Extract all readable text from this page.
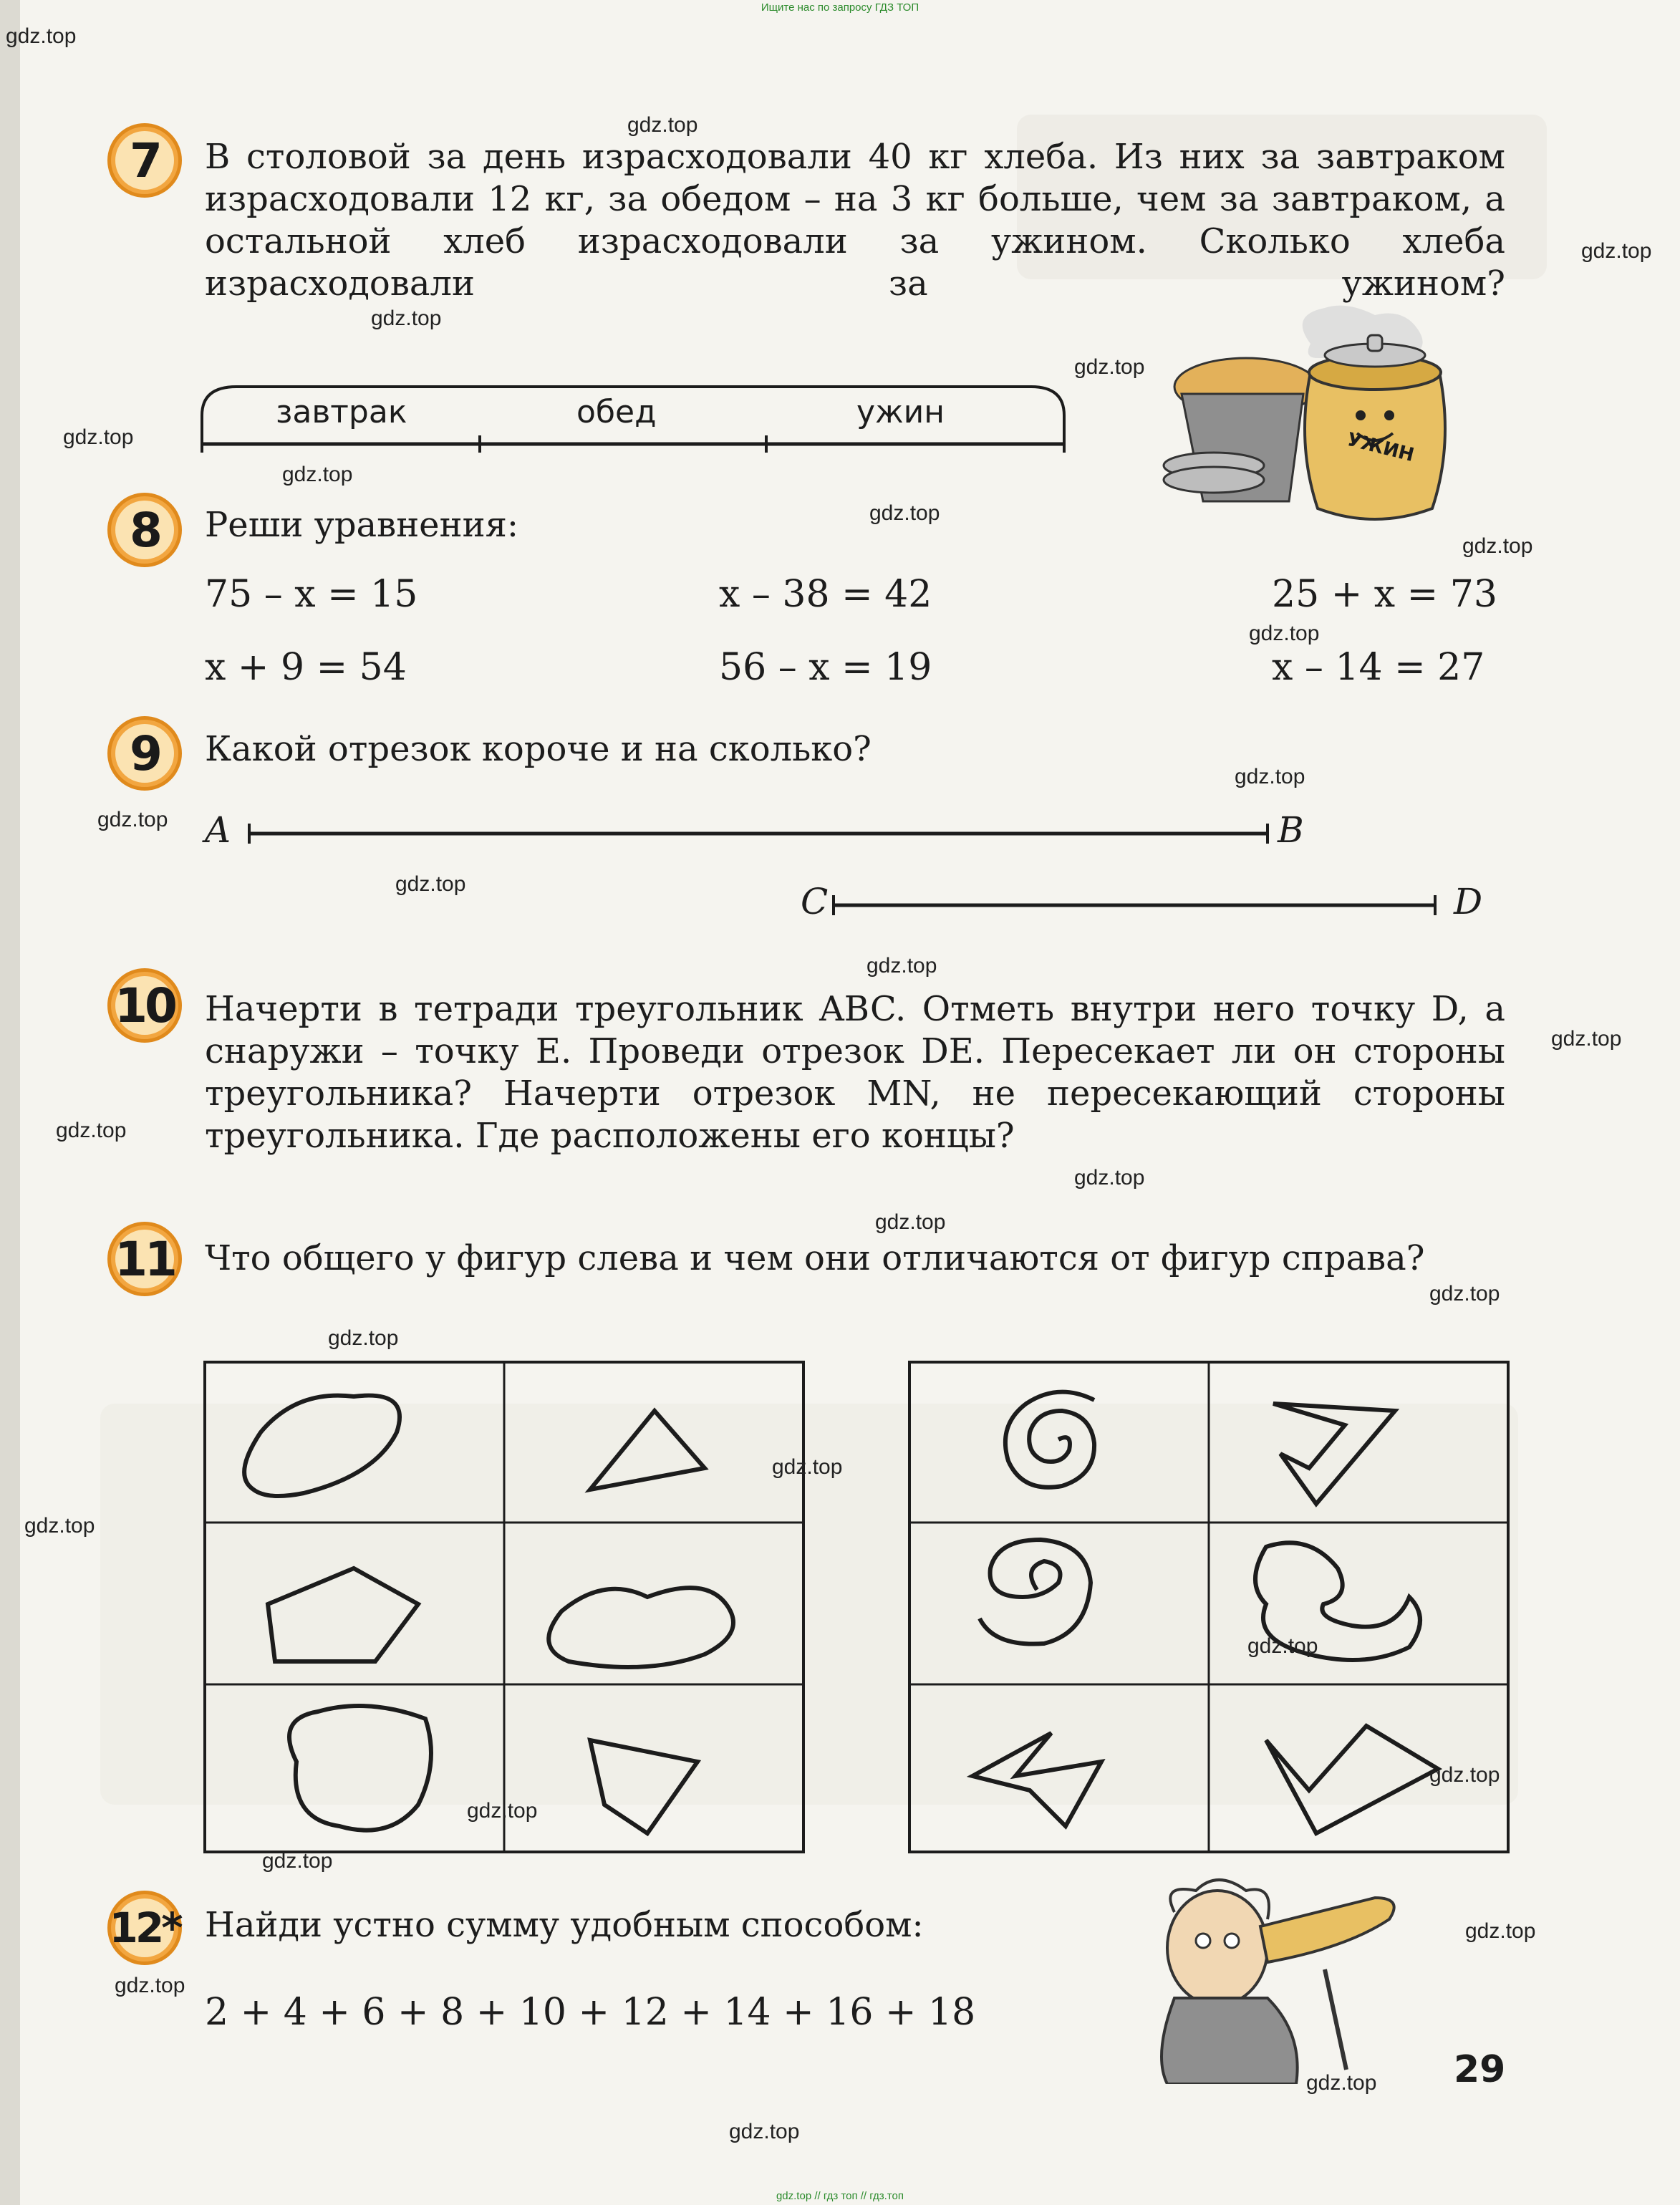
Ищите нас по запросу ГДЗ ТОП
7	В столовой за день израсходовали 40 кг хлеба. Из них за завтраком израсходовали 12 кг, за обедом – на 3 кг больше, чем за завтраком, а остальной хлеб израсходовали за ужином. Сколько хлеба израсходовали за ужином?
завтрак	обед	ужин
УЖИН
8	Реши уравнения:
75 – x = 15	x – 38 = 42	25 + x = 73
x + 9 = 54	56 – x = 19	x – 14 = 27
9	Какой отрезок короче и на сколько?
A	B
C	D
10 Начерти в тетради треугольник ABC. Отметь внутри него точку D, а снаружи – точку E. Проведи отрезок DE. Пересекает ли он стороны треугольника? Начерти отрезок MN, не пересекающий стороны треугольника. Где расположены его концы?
11 Что общего у фигур слева и чем они отличаются от фигур справа?
12* Найди устно сумму удобным способом:
2 + 4 + 6 + 8 + 10 + 12 + 14 + 16 + 18
29
gdz.top
gdz.top
gdz.top
gdz.top
gdz.top
gdz.top
gdz.top
gdz.top
gdz.top
gdz.top
gdz.top
gdz.top
gdz.top
gdz.top
gdz.top
gdz.top
gdz.top
gdz.top
gdz.top
gdz.top
gdz.top
gdz.top
gdz.top
gdz.top
gdz.top
gdz.top
gdz.top
gdz.top
gdz.top
gdz.top
gdz.top // гдз топ // гдз.топ
